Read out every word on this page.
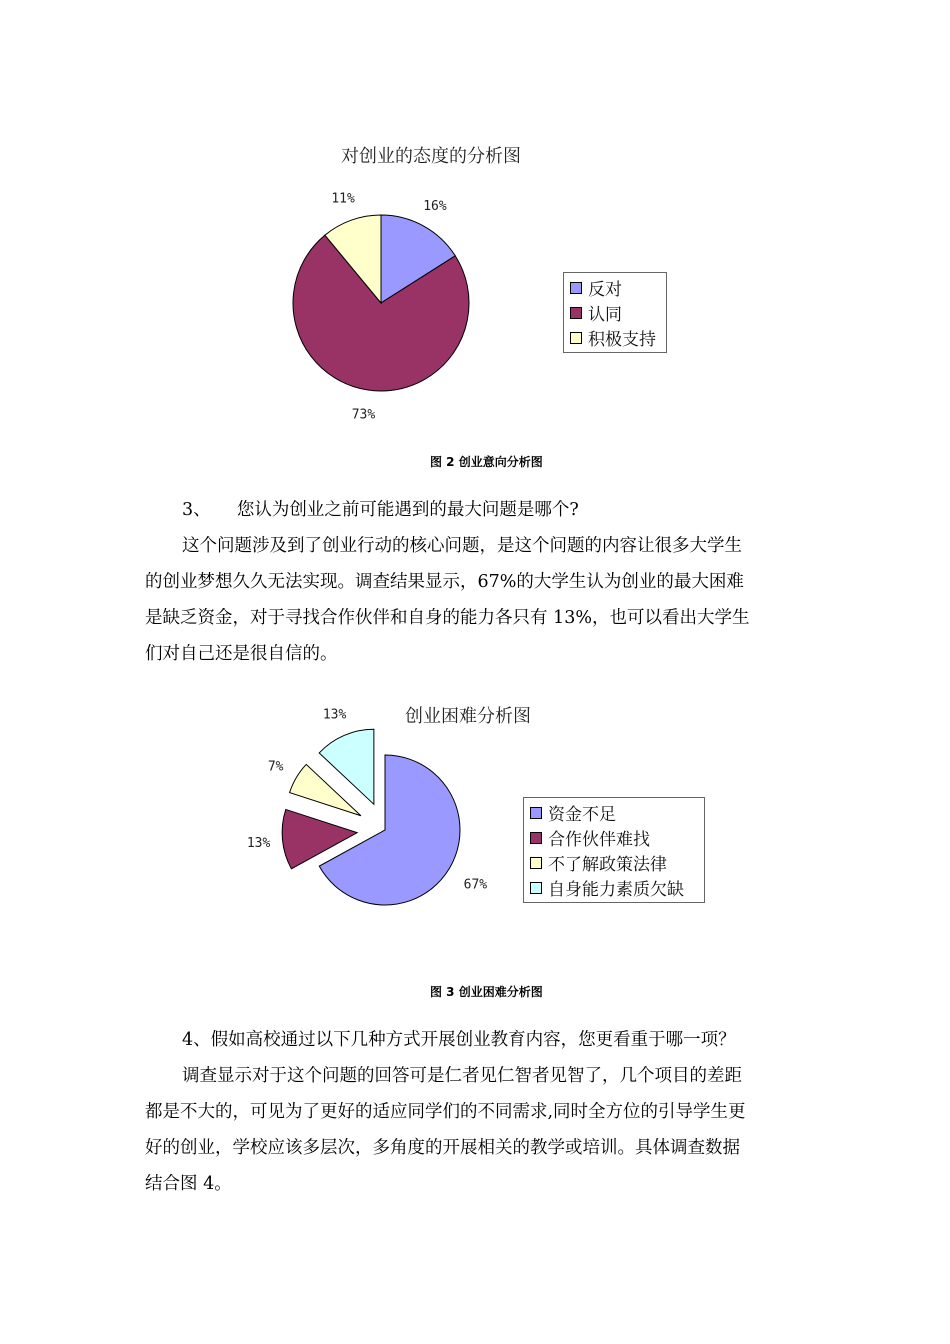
对创业的态度的分析图
16%
73%
11%
反对
认同
积极支持
图 2 创业意向分析图
3、　　您认为创业之前可能遇到的最大问题是哪个?
这个问题涉及到了创业行动的核心问题，是这个问题的内容让很多大学生
的创业梦想久久无法实现。调查结果显示，67%的大学生认为创业的最大困难
是缺乏资金，对于寻找合作伙伴和自身的能力各只有 13%，也可以看出大学生
们对自己还是很自信的。
创业困难分析图
67%
13%
7%
13%
资金不足
合作伙伴难找
不了解政策法律
自身能力素质欠缺
图 3 创业困难分析图
4、假如高校通过以下几种方式开展创业教育内容，您更看重于哪一项？
调查显示对于这个问题的回答可是仁者见仁智者见智了，几个项目的差距
都是不大的，可见为了更好的适应同学们的不同需求,同时全方位的引导学生更
好的创业，学校应该多层次，多角度的开展相关的教学或培训。具体调查数据
结合图 4。
